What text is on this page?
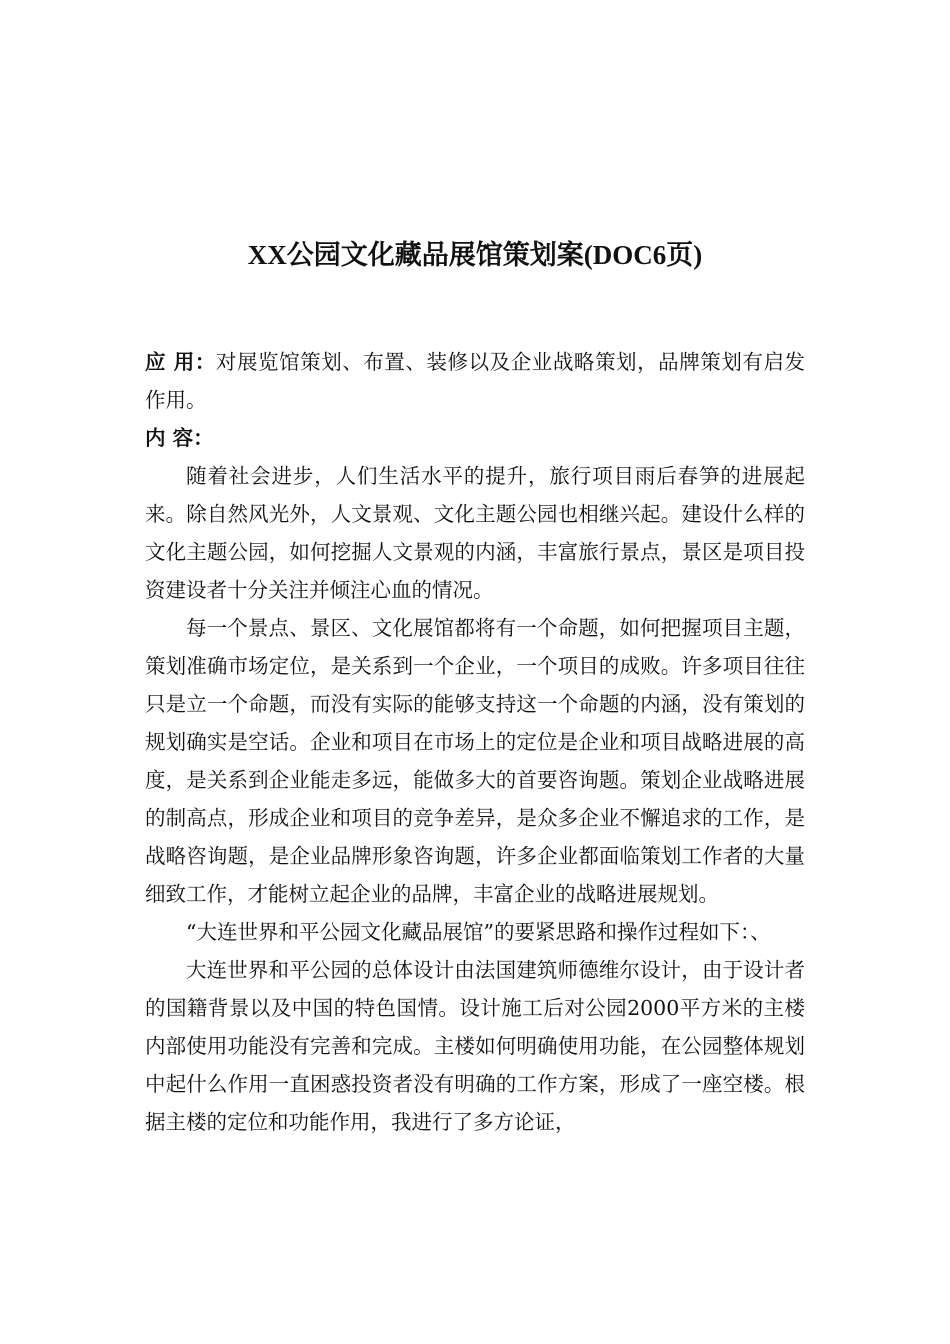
XX公园文化藏品展馆策划案(DOC6页)

应 用：对展览馆策划、布置、装修以及企业战略策划，品牌策划有启发作用。

内 容：

随着社会进步，人们生活水平的提升，旅行项目雨后春笋的进展起来。除自然风光外，人文景观、文化主题公园也相继兴起。建设什么样的文化主题公园，如何挖掘人文景观的内涵，丰富旅行景点，景区是项目投资建设者十分关注并倾注心血的情况。

每一个景点、景区、文化展馆都将有一个命题，如何把握项目主题，策划准确市场定位，是关系到一个企业，一个项目的成败。许多项目往往只是立一个命题，而没有实际的能够支持这一个命题的内涵，没有策划的规划确实是空话。企业和项目在市场上的定位是企业和项目战略进展的高度，是关系到企业能走多远，能做多大的首要咨询题。策划企业战略进展的制高点，形成企业和项目的竞争差异，是众多企业不懈追求的工作，是战略咨询题，是企业品牌形象咨询题，许多企业都面临策划工作者的大量细致工作，才能树立起企业的品牌，丰富企业的战略进展规划。

“大连世界和平公园文化藏品展馆”的要紧思路和操作过程如下：、

大连世界和平公园的总体设计由法国建筑师德维尔设计，由于设计者的国籍背景以及中国的特色国情。设计施工后对公园2000平方米的主楼内部使用功能没有完善和完成。主楼如何明确使用功能，在公园整体规划中起什么作用一直困惑投资者没有明确的工作方案，形成了一座空楼。根据主楼的定位和功能作用，我进行了多方论证，
